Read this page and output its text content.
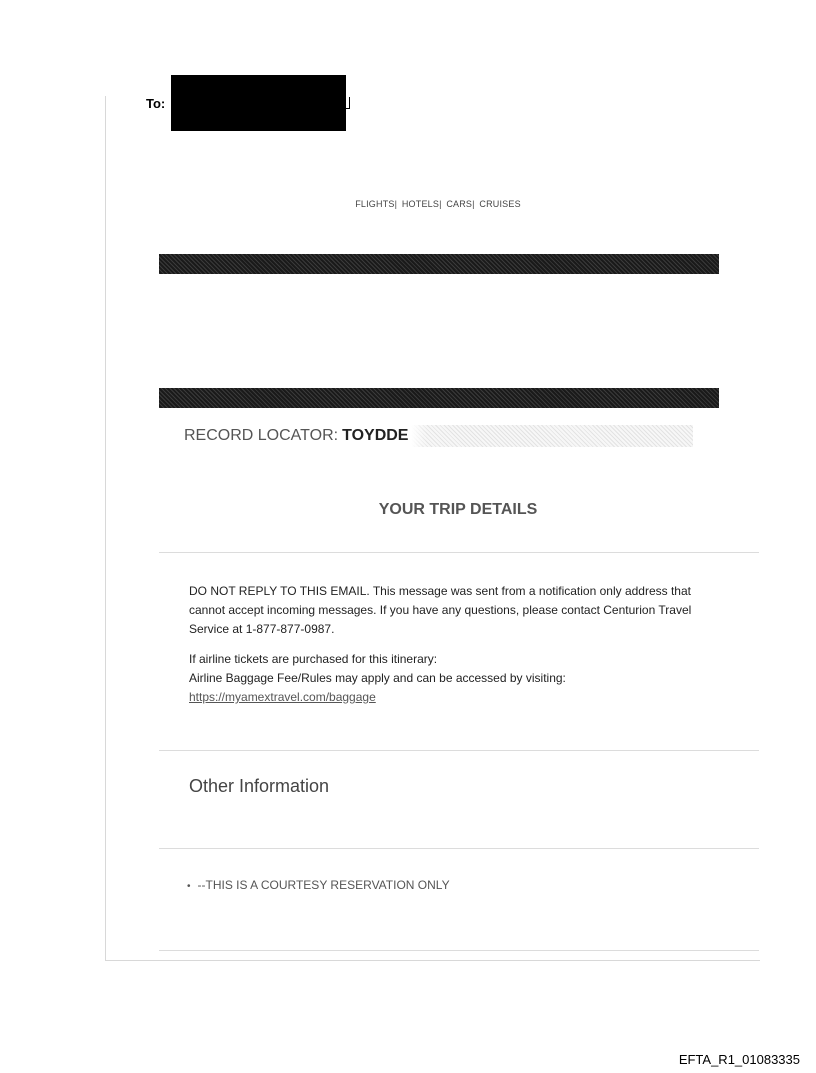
To:
FLIGHTS| HOTELS| CARS| CRUISES
RECORD LOCATOR: TOYDDE
YOUR TRIP DETAILS

DO NOT REPLY TO THIS EMAIL. This message was sent from a notification only address that cannot accept incoming messages. If you have any questions, please contact Centurion Travel Service at 1-877-877-0987.

If airline tickets are purchased for this itinerary:
Airline Baggage Fee/Rules may apply and can be accessed by visiting:
https://myamextravel.com/baggage
Other Information
• --THIS IS A COURTESY RESERVATION ONLY
EFTA_R1_01083335
